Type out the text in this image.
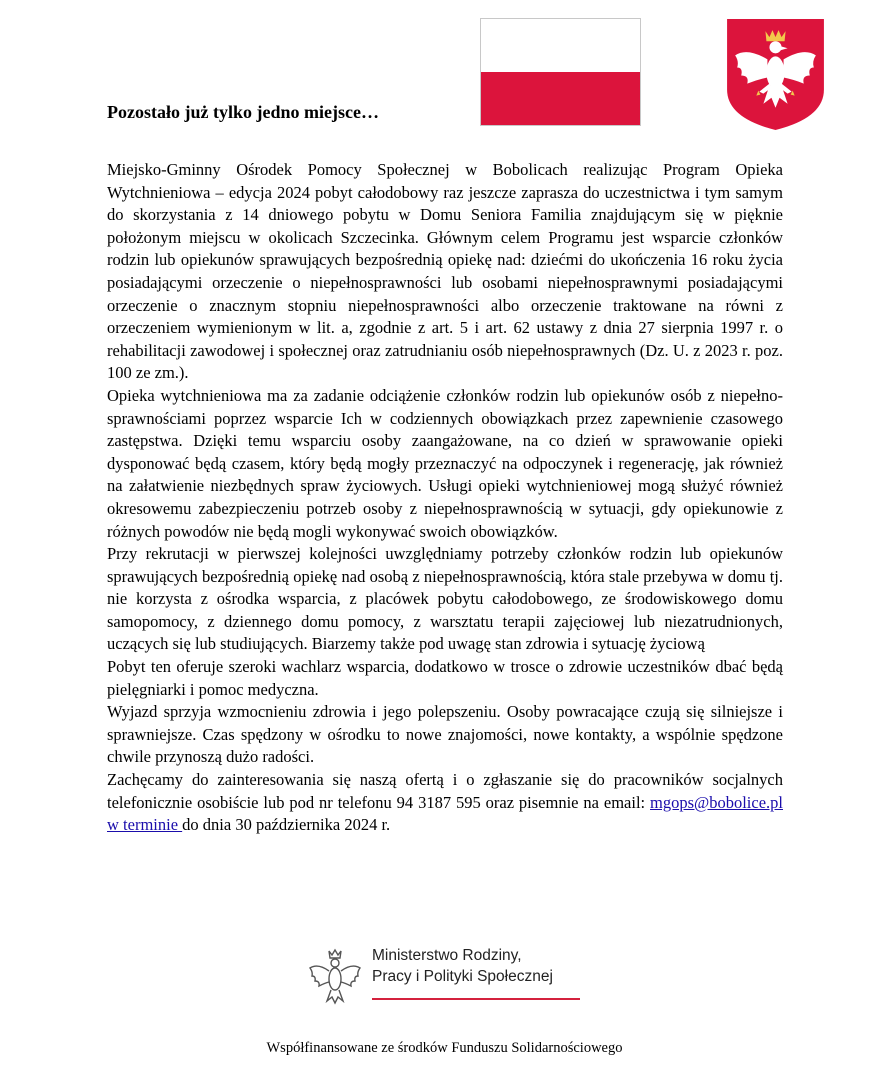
Pozostało już tylko jedno miejsce…

Miejsko-Gminny Ośrodek Pomocy Społecznej w Bobolicach realizując Program Opieka Wytchnieniowa – edycja 2024 pobyt całodobowy raz jeszcze zaprasza do uczestnictwa i tym samym do skorzystania z 14 dniowego pobytu w Domu Seniora Familia znajdującym się w pięknie położonym miejscu w okolicach Szczecinka. Głównym celem Programu jest wsparcie członków rodzin lub opiekunów sprawujących bezpośrednią opiekę nad: dziećmi do ukończenia 16 roku życia posiadającymi orzeczenie o niepełnosprawności lub osobami niepełnosprawnymi posiadającymi orzeczenie o znacznym stopniu niepełnosprawności albo orzeczenie traktowane na równi z orzeczeniem wymienionym w lit. a, zgodnie z art. 5 i art. 62 ustawy z dnia 27 sierpnia 1997 r. o rehabilitacji zawodowej i społecznej oraz zatrudnianiu osób niepełnosprawnych (Dz. U. z 2023 r. poz. 100 ze zm.).

Opieka wytchnieniowa ma za zadanie odciążenie członków rodzin lub opiekunów osób z niepełno- sprawnościami poprzez wsparcie Ich w codziennych obowiązkach przez zapewnienie czasowego zastępstwa. Dzięki temu wsparciu osoby zaangażowane, na co dzień w sprawowanie opieki dysponować będą czasem, który będą mogły przeznaczyć na odpoczynek i regenerację, jak również na załatwienie niezbędnych spraw życiowych. Usługi opieki wytchnieniowej mogą służyć również okresowemu zabezpieczeniu potrzeb osoby z niepełnosprawnością w sytuacji, gdy opiekunowie z różnych powodów nie będą mogli wykonywać swoich obowiązków.

Przy rekrutacji w pierwszej kolejności uwzględniamy potrzeby członków rodzin lub opiekunów sprawujących bezpośrednią opiekę nad osobą z niepełnosprawnością, która stale przebywa w domu tj. nie korzysta z ośrodka wsparcia, z placówek pobytu całodobowego, ze środowiskowego domu samopomocy, z dziennego domu pomocy, z warsztatu terapii zajęciowej lub niezatrudnionych, uczących się lub studiujących. Biarzemy także pod uwagę stan zdrowia i sytuację życiową

Pobyt ten oferuje szeroki wachlarz wsparcia, dodatkowo w trosce o zdrowie uczestników dbać będą pielęgniarki i pomoc medyczna.

Wyjazd sprzyja wzmocnieniu zdrowia i jego polepszeniu. Osoby powracające czują się silniejsze i sprawniejsze. Czas spędzony w ośrodku to nowe znajomości, nowe kontakty, a wspólnie spędzone chwile przynoszą dużo radości.

Zachęcamy do zainteresowania się naszą ofertą i o zgłaszanie się do pracowników socjalnych telefonicznie osobiście lub pod nr telefonu 94 3187 595 oraz pisemnie na email: mgops@bobolice.pl w terminie do dnia 30 października 2024 r.

Ministerstwo Rodziny,
Pracy i Polityki Społecznej
Współfinansowane ze środków Funduszu Solidarnościowego
